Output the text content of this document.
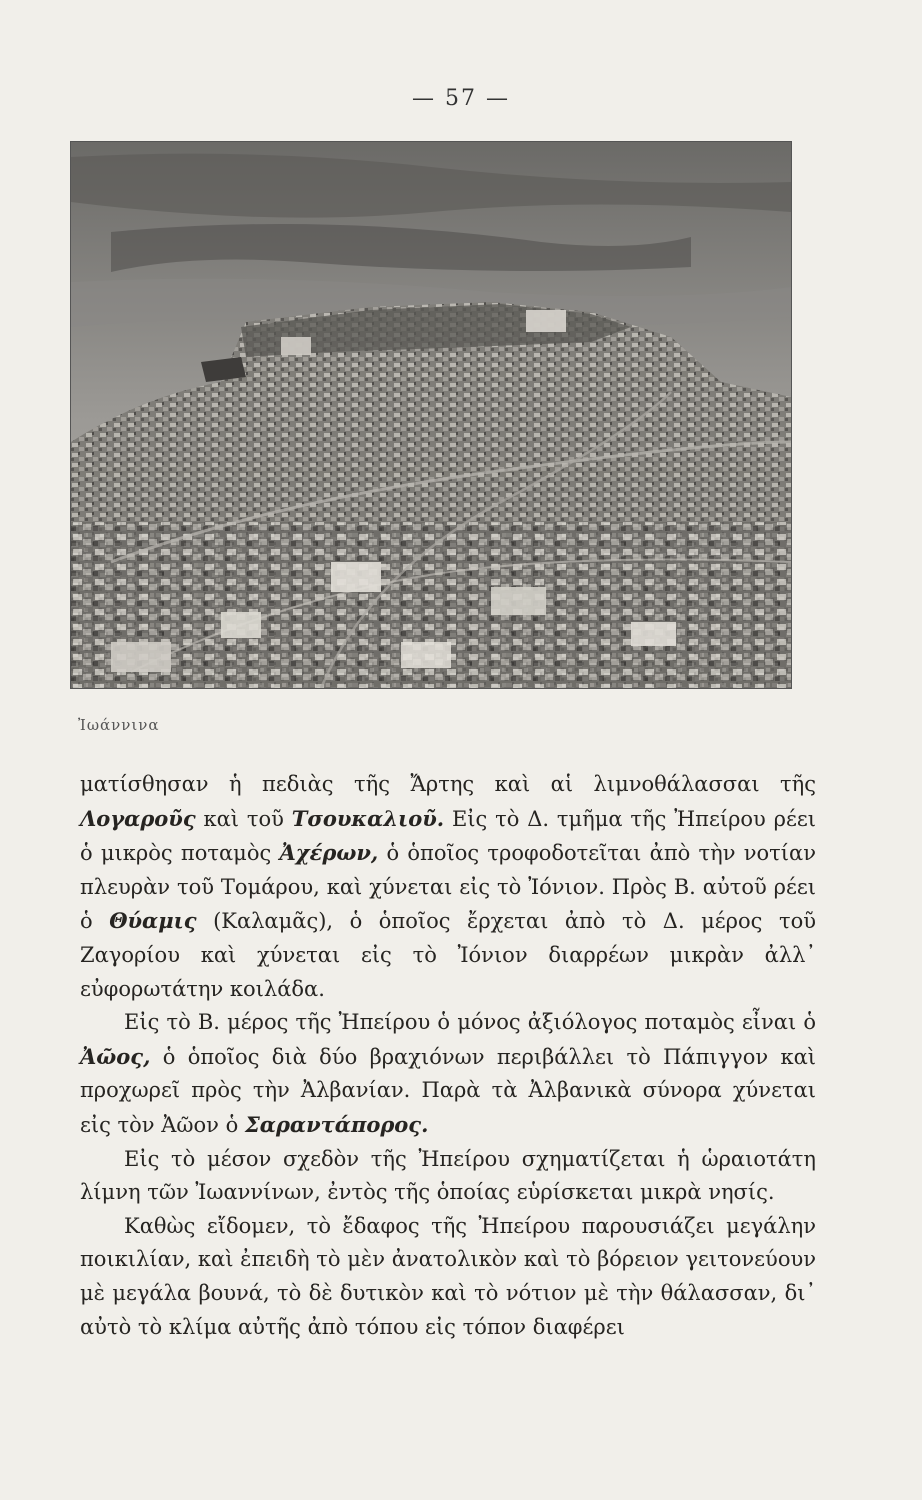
— 57 —
Ἰωάννινα

ματίσθησαν ἡ πεδιὰς τῆς Ἄρτης καὶ αἱ λιμνοθάλασσαι τῆς Λογαροῦς καὶ τοῦ Τσουκαλιοῦ. Εἰς τὸ Δ. τμῆμα τῆς Ἠπείρου ρέει ὁ μικρὸς ποταμὸς Ἀχέρων, ὁ ὁποῖος τροφοδοτεῖται ἀπὸ τὴν νοτίαν πλευρὰν τοῦ Τομάρου, καὶ χύνεται εἰς τὸ Ἰόνιον. Πρὸς Β. αὐτοῦ ρέει ὁ Θύαμις (Καλαμᾶς), ὁ ὁποῖος ἔρχεται ἀπὸ τὸ Δ. μέρος τοῦ Ζαγορίου καὶ χύνεται εἰς τὸ Ἰόνιον διαρρέων μικρὰν ἀλλ᾽ εὐφορωτάτην κοιλάδα.

Εἰς τὸ Β. μέρος τῆς Ἠπείρου ὁ μόνος ἀξιόλογος ποταμὸς εἶναι ὁ Ἀῶος, ὁ ὁποῖος διὰ δύο βραχιόνων περιβάλλει τὸ Πάπιγγον καὶ προχωρεῖ πρὸς τὴν Ἀλβανίαν. Παρὰ τὰ Ἀλβανικὰ σύνορα χύνεται εἰς τὸν Ἀῶον ὁ Σαραντάπορος.

Εἰς τὸ μέσον σχεδὸν τῆς Ἠπείρου σχηματίζεται ἡ ὡραιοτάτη λίμνη τῶν Ἰωαννίνων, ἐντὸς τῆς ὁποίας εὑρίσκεται μικρὰ νησίς.

Καθὼς εἴδομεν, τὸ ἔδαφος τῆς Ἠπείρου παρουσιάζει μεγάλην ποικιλίαν, καὶ ἐπειδὴ τὸ μὲν ἀνατολικὸν καὶ τὸ βόρειον γειτονεύουν μὲ μεγάλα βουνά, τὸ δὲ δυτικὸν καὶ τὸ νότιον μὲ τὴν θάλασσαν, δι᾽ αὐτὸ τὸ κλίμα αὐτῆς ἀπὸ τόπου εἰς τόπον διαφέρει
